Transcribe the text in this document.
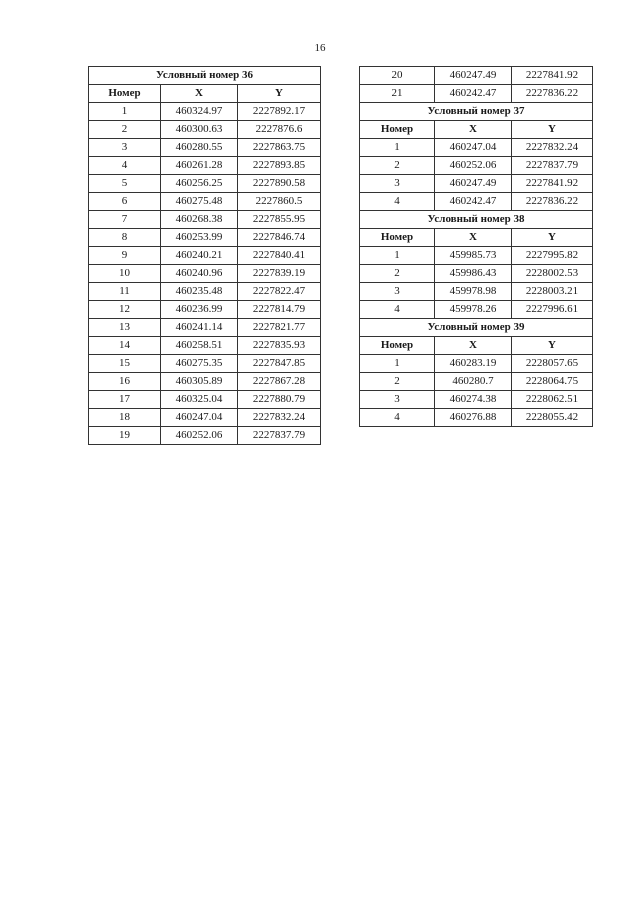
16
Условный номер 36		
Номер	X	Y
1	460324.97	2227892.17
2	460300.63	2227876.6
3	460280.55	2227863.75
4	460261.28	2227893.85
5	460256.25	2227890.58
6	460275.48	2227860.5
7	460268.38	2227855.95
8	460253.99	2227846.74
9	460240.21	2227840.41
10	460240.96	2227839.19
11	460235.48	2227822.47
12	460236.99	2227814.79
13	460241.14	2227821.77
14	460258.51	2227835.93
15	460275.35	2227847.85
16	460305.89	2227867.28
17	460325.04	2227880.79
18	460247.04	2227832.24
19	460252.06	2227837.79
20	460247.49	2227841.92
21	460242.47	2227836.22
Условный номер 37		
Номер	X	Y
1	460247.04	2227832.24
2	460252.06	2227837.79
3	460247.49	2227841.92
4	460242.47	2227836.22
Условный номер 38		
Номер	X	Y
1	459985.73	2227995.82
2	459986.43	2228002.53
3	459978.98	2228003.21
4	459978.26	2227996.61
Условный номер 39		
Номер	X	Y
1	460283.19	2228057.65
2	460280.7	2228064.75
3	460274.38	2228062.51
4	460276.88	2228055.42
